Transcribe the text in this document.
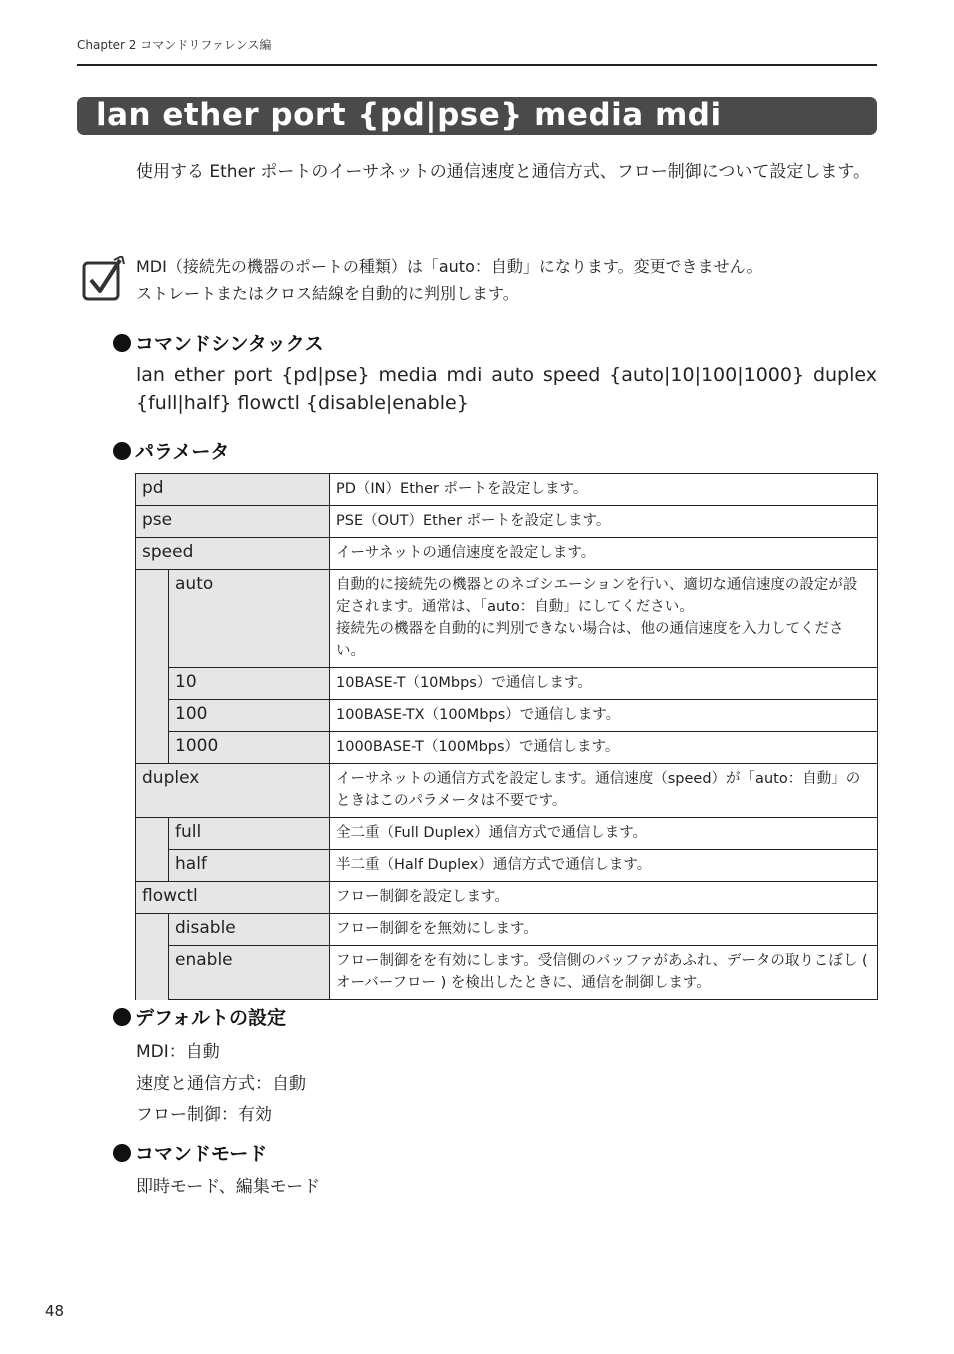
Chapter 2 コマンドリファレンス編
lan ether port {pd|pse} media mdi

使用する Ether ポートのイーサネットの通信速度と通信方式、フロー制御について設定します。

MDI（接続先の機器のポートの種類）は「auto：自動」になります。変更できません。
ストレートまたはクロス結線を自動的に判別します。
コマンドシンタックス

lan ether port {pd|pse} media mdi auto speed {auto|10|100|1000} duplex {full|half} flowctl {disable|enable}

パラメータ
pd		PD（IN）Ether ポートを設定します。
pse		PSE（OUT）Ether ポートを設定します。
speed		イーサネットの通信速度を設定します。
	auto	自動的に接続先の機器とのネゴシエーションを行い、適切な通信速度の設定が設定されます。通常は、「auto：自動」にしてください。
接続先の機器を自動的に判別できない場合は、他の通信速度を入力してください。
	10	10BASE-T（10Mbps）で通信します。
	100	100BASE-TX（100Mbps）で通信します。
	1000	1000BASE-T（100Mbps）で通信します。
duplex		イーサネットの通信方式を設定します。通信速度（speed）が「auto：自動」のときはこのパラメータは不要です。
	full	全二重（Full Duplex）通信方式で通信します。
	half	半二重（Half Duplex）通信方式で通信します。
flowctl		フロー制御を設定します。
	disable	フロー制御をを無効にします。
	enable	フロー制御をを有効にします。受信側のバッファがあふれ、データの取りこぼし ( オーバーフロー ) を検出したときに、通信を制御します。
デフォルトの設定
MDI：自動
速度と通信方式：自動
フロー制御：有効
コマンドモード
即時モード、編集モード
48
